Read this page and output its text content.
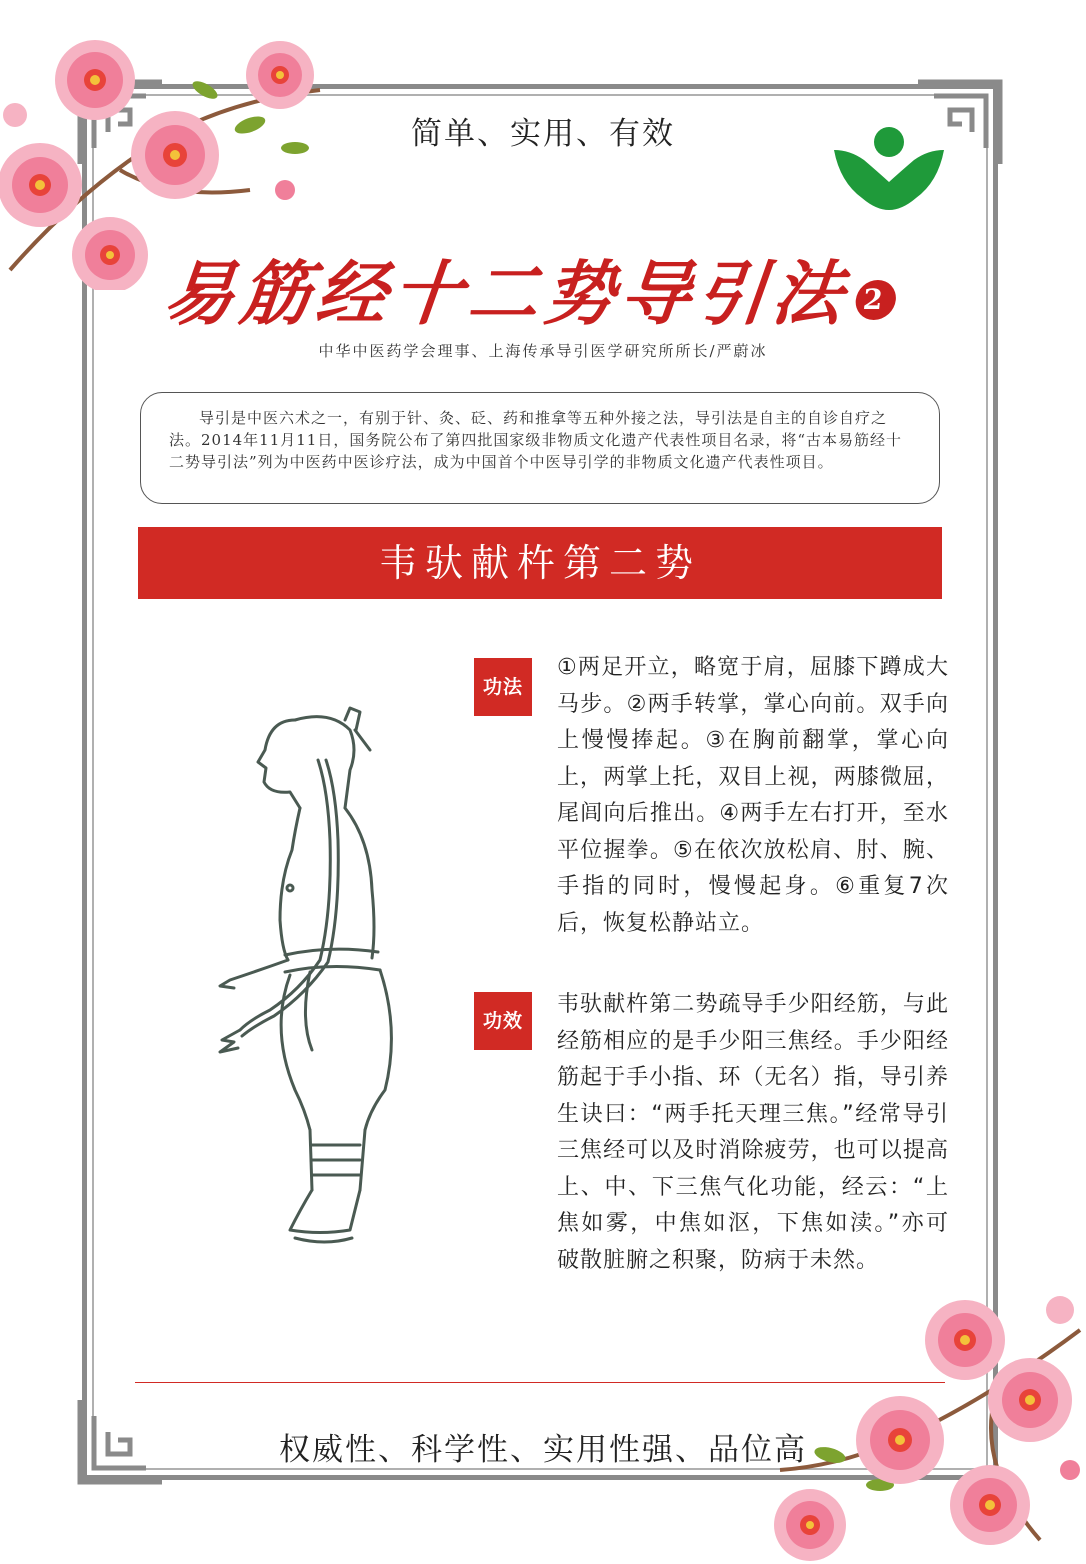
简单、实用、有效
易筋经十二势导引法 2
中华中医药学会理事、上海传承导引医学研究所所长/严蔚冰
导引是中医六术之一，有别于针、灸、砭、药和推拿等五种外接之法，导引法是自主的自诊自疗之法。2014年11月11日，国务院公布了第四批国家级非物质文化遗产代表性项目名录，将“古本易筋经十二势导引法”列为中医药中医诊疗法，成为中国首个中医导引学的非物质文化遗产代表性项目。
韦驮献杵第二势
功法
①两足开立，略宽于肩，屈膝下蹲成大马步。②两手转掌，掌心向前。双手向上慢慢捧起。③在胸前翻掌，掌心向上，两掌上托，双目上视，两膝微屈，尾闾向后推出。④两手左右打开，至水平位握拳。⑤在依次放松肩、肘、腕、手指的同时，慢慢起身。⑥重复7次后，恢复松静站立。
功效
韦驮献杵第二势疏导手少阳经筋，与此经筋相应的是手少阳三焦经。手少阳经筋起于手小指、环（无名）指，导引养生诀曰：“两手托天理三焦。”经常导引三焦经可以及时消除疲劳，也可以提高上、中、下三焦气化功能，经云：“上焦如雾，中焦如沤，下焦如渎。”亦可破散脏腑之积聚，防病于未然。
权威性、科学性、实用性强、品位高
